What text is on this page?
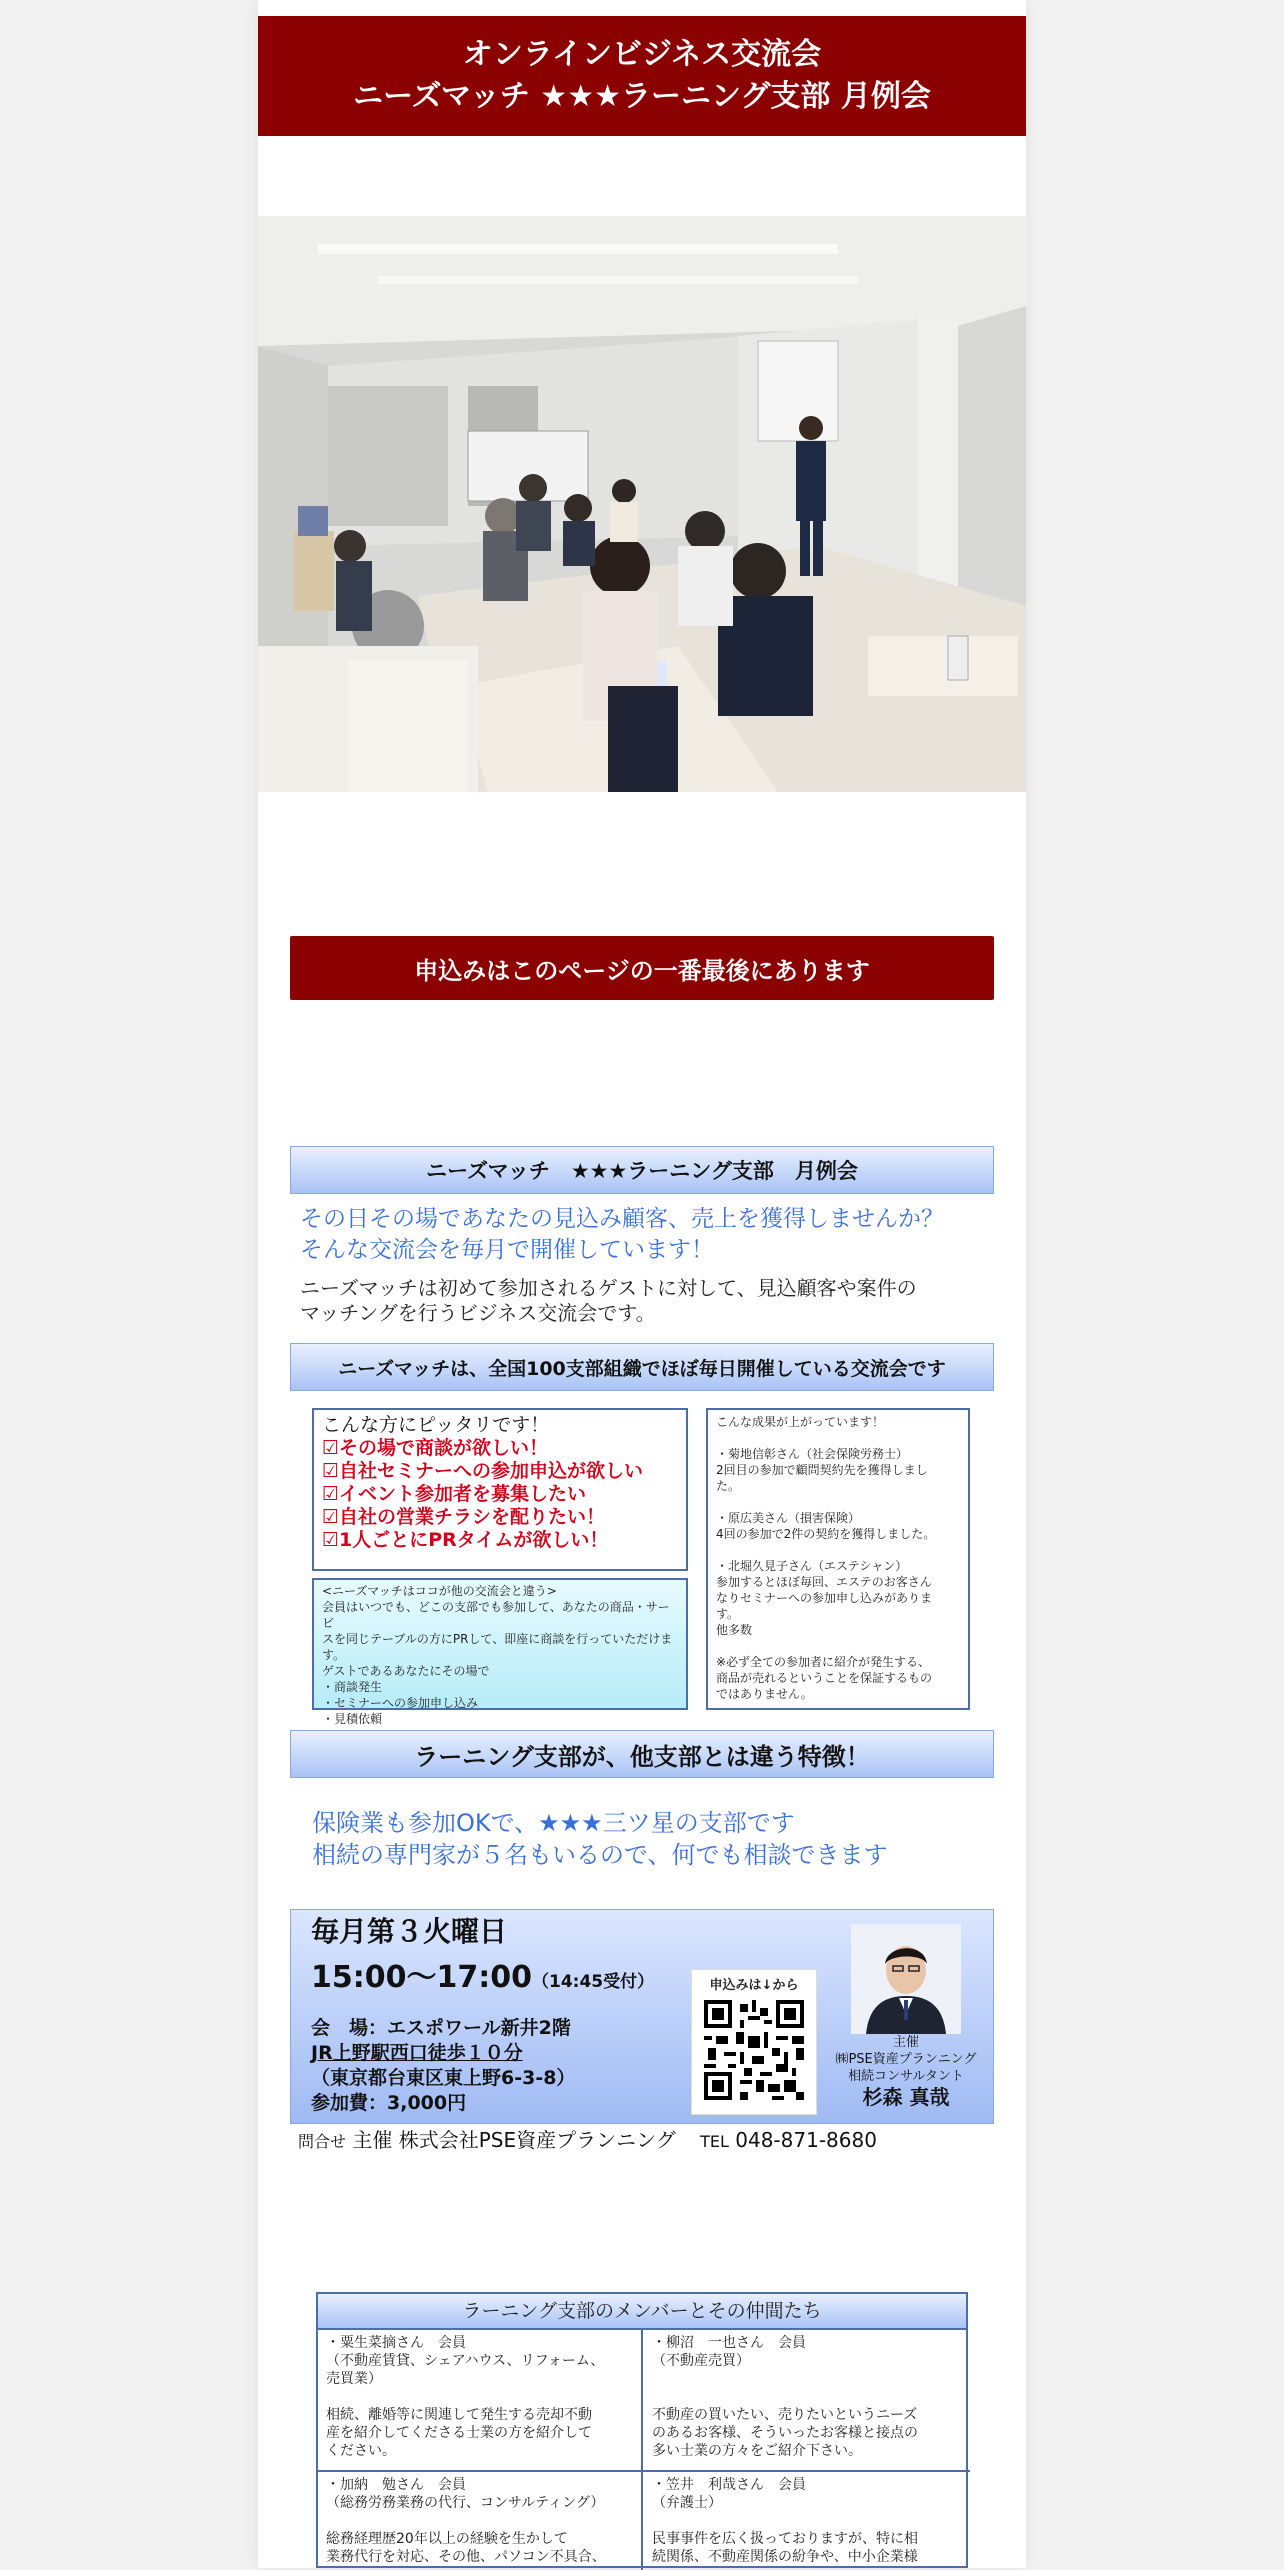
オンラインビジネス交流会
ニーズマッチ ★★★ラーニング支部 月例会
申込みはこのページの一番最後にあります
ニーズマッチ　★★★ラーニング支部　月例会
その日その場であなたの見込み顧客、売上を獲得しませんか？
そんな交流会を毎月で開催しています！
ニーズマッチは初めて参加されるゲストに対して、見込顧客や案件の
マッチングを行うビジネス交流会です。
ニーズマッチは、全国100支部組織でほぼ毎日開催している交流会です
こんな方にピッタリです！
☑その場で商談が欲しい！
☑自社セミナーへの参加申込が欲しい
☑イベント参加者を募集したい
☑自社の営業チラシを配りたい！
☑1人ごとにPRタイムが欲しい！
<ニーズマッチはココが他の交流会と違う>
会員はいつでも、どこの支部でも参加して、あなたの商品・サービ
スを同じテーブルの方にPRして、即座に商談を行っていただけま
す。
ゲストであるあなたにその場で
・商談発生
・セミナーへの参加申し込み
・見積依頼
こんな成果が上がっています！
・菊地信彰さん（社会保険労務士）
2回目の参加で顧問契約先を獲得しまし
た。
・原広美さん（損害保険）
4回の参加で2件の契約を獲得しました。
・北堀久見子さん（エステシャン）
参加するとほぼ毎回、エステのお客さん
なりセミナーへの参加申し込みがありま
す。
他多数
※必ず全ての参加者に紹介が発生する、
商品が売れるということを保証するもの
ではありません。
ラーニング支部が、他支部とは違う特徴！
保険業も参加OKで、★★★三ツ星の支部です
相続の専門家が５名もいるので、何でも相談できます
毎月第３火曜日
15:00～17:00（14:45受付）
会　場：エスポワール新井2階
JR上野駅西口徒歩１０分
（東京都台東区東上野6-3-8）
参加費：3,000円
申込みは↓から
主催
㈱PSE資産プランニング
相続コンサルタント
杉森 真哉
問合せ 主催 株式会社PSE資産プランニング TEL 048-871-8680
ラーニング支部のメンバーとその仲間たち
・粟生菜摘さん　会員
（不動産賃貸、シェアハウス、リフォーム、
売買業）
相続、離婚等に関連して発生する売却不動
産を紹介してくださる士業の方を紹介して
ください。
・柳沼　一也さん　会員
（不動産売買）
不動産の買いたい、売りたいというニーズ
のあるお客様、そういったお客様と接点の
多い士業の方々をご紹介下さい。
・加納　勉さん　会員
（総務労務業務の代行、コンサルティング）
総務経理歴20年以上の経験を生かして
業務代行を対応、その他、パソコン不具合、
・笠井　利哉さん　会員
（弁護士）
民事事件を広く扱っておりますが、特に相
続関係、不動産関係の紛争や、中小企業様
